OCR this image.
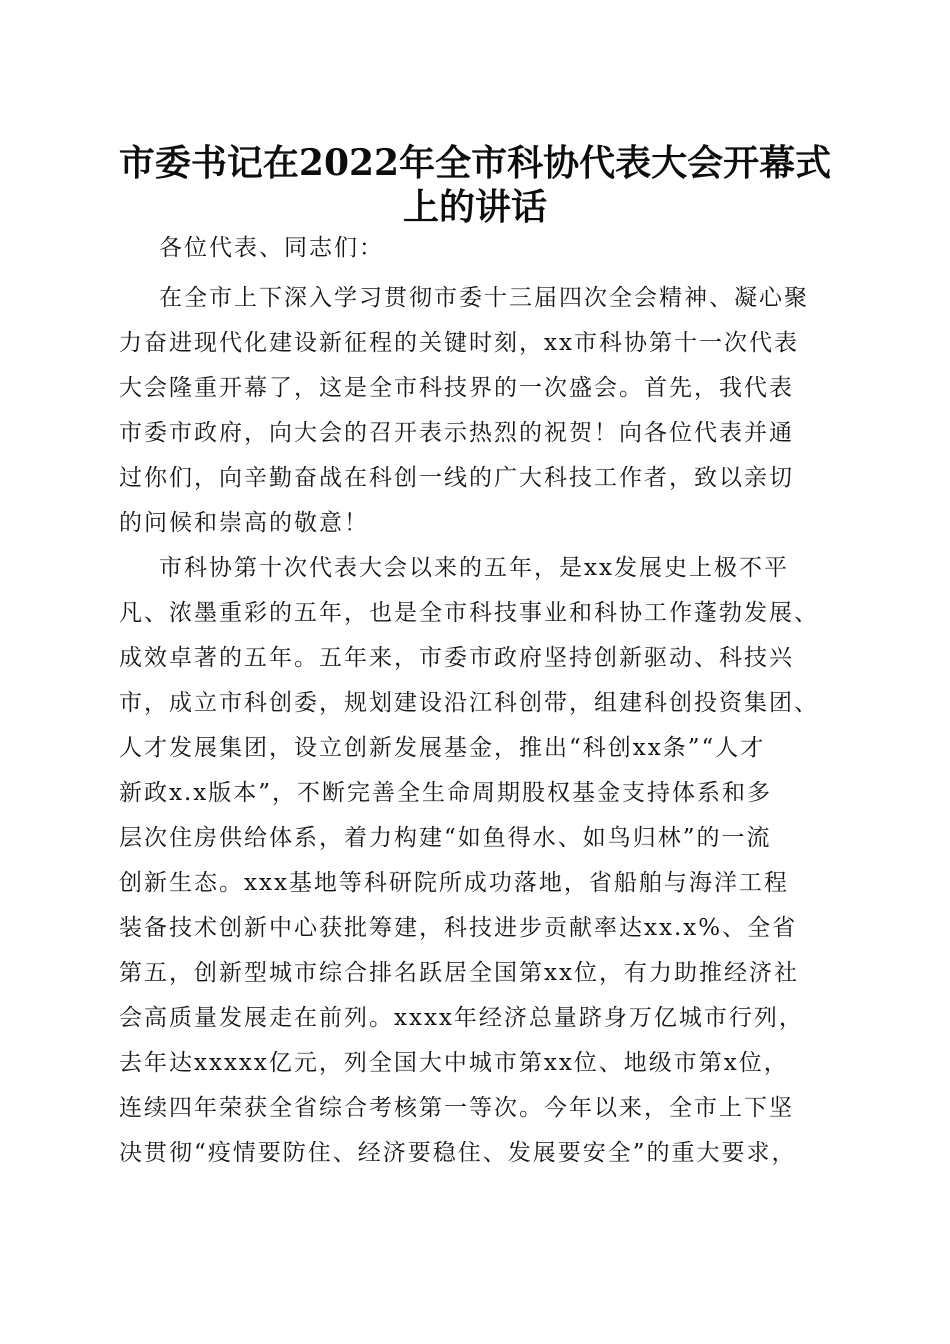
市委书记在2022年全市科协代表大会开幕式
上的讲话
各位代表、同志们：
在全市上下深入学习贯彻市委十三届四次全会精神、凝心聚
力奋进现代化建设新征程的关键时刻，xx市科协第十一次代表
大会隆重开幕了，这是全市科技界的一次盛会。首先，我代表
市委市政府，向大会的召开表示热烈的祝贺！向各位代表并通
过你们，向辛勤奋战在科创一线的广大科技工作者，致以亲切
的问候和崇高的敬意！
市科协第十次代表大会以来的五年，是xx发展史上极不平
凡、浓墨重彩的五年，也是全市科技事业和科协工作蓬勃发展、
成效卓著的五年。五年来，市委市政府坚持创新驱动、科技兴
市，成立市科创委，规划建设沿江科创带，组建科创投资集团、
人才发展集团，设立创新发展基金，推出“科创xx条”“人才
新政x.x版本”，不断完善全生命周期股权基金支持体系和多
层次住房供给体系，着力构建“如鱼得水、如鸟归林”的一流
创新生态。xxx基地等科研院所成功落地，省船舶与海洋工程
装备技术创新中心获批筹建，科技进步贡献率达xx.x%、全省
第五，创新型城市综合排名跃居全国第xx位，有力助推经济社
会高质量发展走在前列。xxxx年经济总量跻身万亿城市行列，
去年达xxxxx亿元，列全国大中城市第xx位、地级市第x位，
连续四年荣获全省综合考核第一等次。今年以来，全市上下坚
决贯彻“疫情要防住、经济要稳住、发展要安全”的重大要求，
